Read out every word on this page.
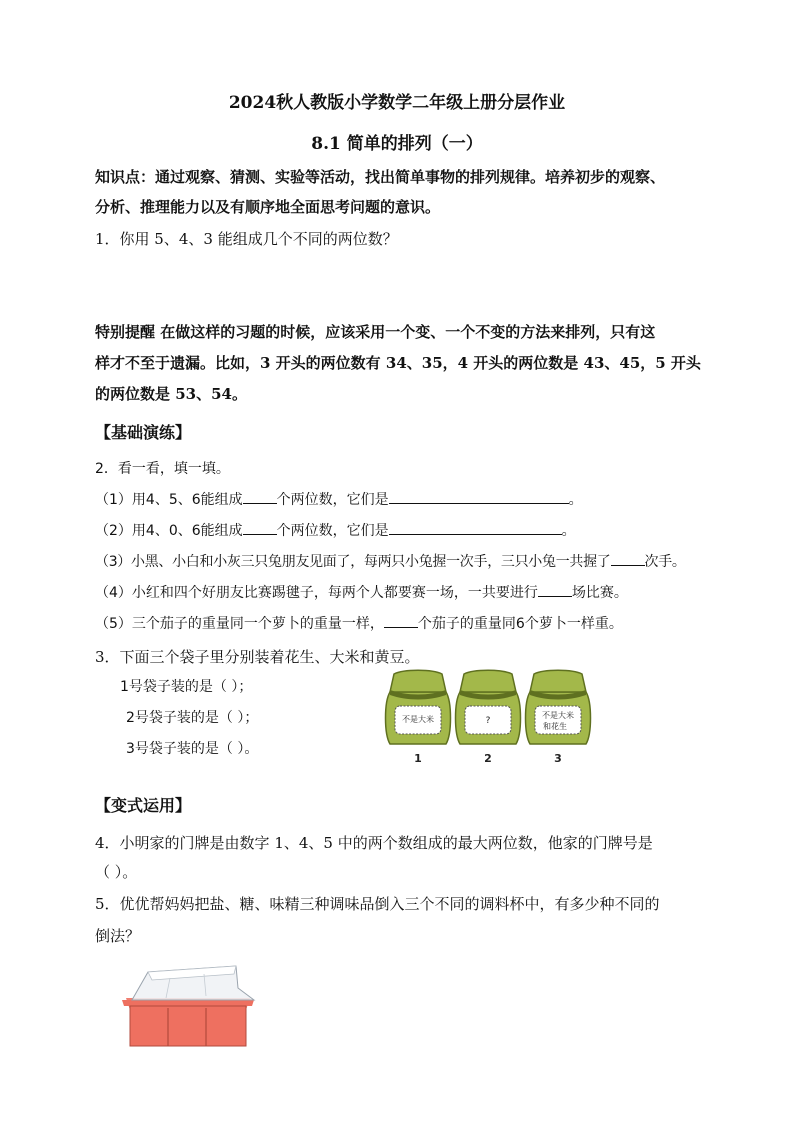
2024秋人教版小学数学二年级上册分层作业
8.1 简单的排列（一）
知识点：通过观察、猜测、实验等活动，找出简单事物的排列规律。培养初步的观察、
分析、推理能力以及有顺序地全面思考问题的意识。
1．你用 5、4、3 能组成几个不同的两位数？
特别提醒 在做这样的习题的时候，应该采用一个变、一个不变的方法来排列，只有这
样才不至于遗漏。比如，3 开头的两位数有 34、35，4 开头的两位数是 43、45，5 开头
的两位数是 53、54。
【基础演练】
2．看一看，填一填。
（1）用4、5、6能组成 个两位数，它们是	。
（2）用4、0、6能组成 个两位数，它们是	。
（3）小黑、小白和小灰三只兔朋友见面了，每两只小兔握一次手，三只小兔一共握了 次手。
（4）小红和四个好朋友比赛踢毽子，每两个人都要赛一场，一共要进行 场比赛。
（5）三个茄子的重量同一个萝卜的重量一样， 个茄子的重量同6个萝卜一样重。
3．下面三个袋子里分别装着花生、大米和黄豆。
1号袋子装的是（ ）；
2号袋子装的是（ ）；
3号袋子装的是（ ）。
不是大米
1
?
2
不是大米
和花生
3
【变式运用】
4．小明家的门牌是由数字 1、4、5 中的两个数组成的最大两位数，他家的门牌号是
（ ）。
5．优优帮妈妈把盐、糖、味精三种调味品倒入三个不同的调料杯中，有多少种不同的
倒法？
